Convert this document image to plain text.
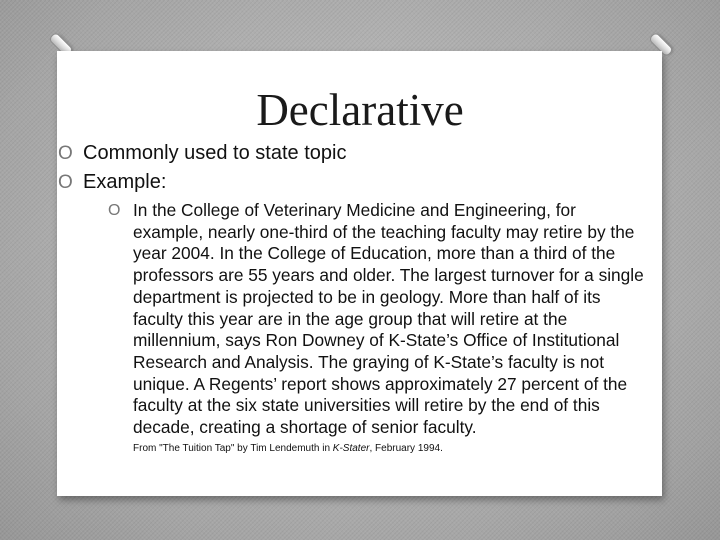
Declarative
O Commonly used to state topic
O Example:
O In the College of Veterinary Medicine and Engineering, for example, nearly one-third of the teaching faculty may retire by the year 2004. In the College of Education, more than a third of the professors are 55 years and older. The largest turnover for a single department is projected to be in geology. More than half of its faculty this year are in the age group that will retire at the millennium, says Ron Downey of K-State’s Office of Institutional Research and Analysis. The graying of K-State’s faculty is not unique. A Regents’ report shows approximately 27 percent of the faculty at the six state universities will retire by the end of this decade, creating a shortage of senior faculty.

From "The Tuition Tap" by Tim Lendemuth in K-Stater, February 1994.
